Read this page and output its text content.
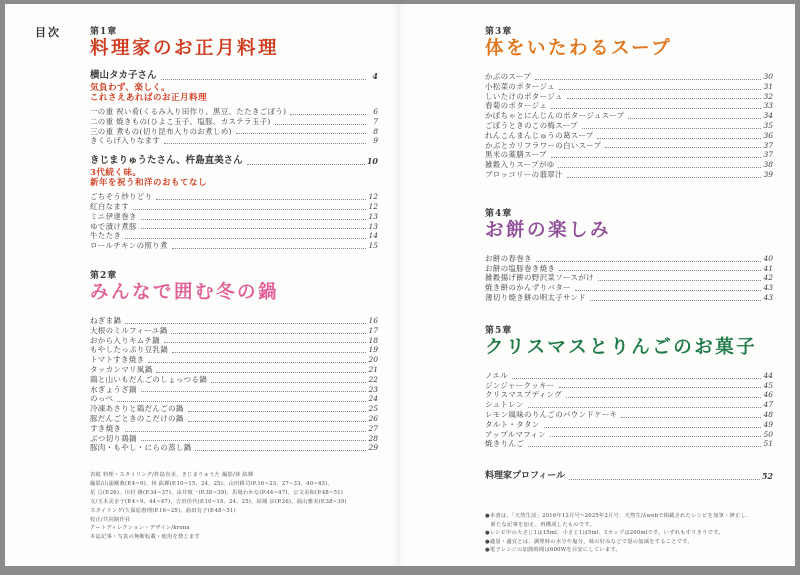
目次	第1章
料理家のお正月料理
横山タカ子さん	4
気負わず、楽しく。
これさえあればのお正月料理
一の重 祝い肴(くるみ入り田作り、黒豆、たたきごぼう)	6
二の重 焼きもの(ひよこ玉子、塩豚、カステラ玉子)	7
三の重 煮もの(切り昆布入りのお煮しめ)	8
きくらげ入りなます	9
きじまりゅうたさん、杵島直美さん	10
3代続く味。
新年を祝う和洋のおもてなし
ごちそう炒りどり	12
紅白なます	12
ミニ伊達巻き	13
ゆで漬け煮豚	13
牛たたき	14
ロールチキンの照り煮	15
第2章
みんなで囲む冬の鍋
ねぎま鍋	16
大根のミルフィーユ鍋	17
おから入りキムチ鍋	18
もやしたっぷり豆乳鍋	19
トマトすき焼き	20
タッカンマリ風鍋	21
鶏と山いもだんごのしょっつる鍋	22
水ぎょうざ鍋	23
のっぺ	24
冷凍あさりと鶏だんごの鍋	25
豚だんごときのこだけの鍋	26
すき焼き	27
ぶつ切り鶏鍋	28
豚肉・もやし・にらの蒸し鍋	29
第3章
体をいたわるスープ
かぶのスープ	30
小松菜のポタージュ	31
しいたけのポタージュ	32
春菊のポタージュ	33
かぼちゃとにんじんのポタージュスープ	34
ごぼうときのこの梅スープ	35
れんこんまんじゅうの葛スープ	36
かぶとカリフラワーの白いスープ	37
黒米の薬膳スープ	37
雑穀入りスープがゆ	38
ブロッコリーの翡翠汁	39
第4章
お餅の楽しみ
お餅の春巻き	40
お餅の塩豚巻き焼き	41
雑穀揚げ餅の野沢菜ソースがけ	42
焼き餅のかんずりバター	43
薄切り焼き餅の明太子サンド	43
第5章
クリスマスとりんごのお菓子
ノエル	44
ジンジャークッキー	45
クリスマスプディング	46
シュトレン	47
レモン風味のりんごのパウンドケーキ	48
タルト・タタン	49
アップルマフィン	50
焼きりんご	51
料理家プロフィール	52
表紙 料理・スタイリング/杵島直美、きじまりゅうた 撮影/林 紘輝
撮影/山浦剛典(P.4~9)、林 紘輝(P.10~15、24、25)、山田耕司(P.16~23、27~33、40~43)、
星 亘(P.26)、川村 隆(P.34~37)、由井慎一(P.38~39)、馬場わかな(P.44~47)、公文美和(P.48~51)
文/玉木美企子(P.4~9、44~47)、吉田佳代(P.10~15、24、25)、結城 歩(P.26)、福山雅美(P.38~39)
スタイリング/久保原惠理(P.16~25)、曲田有子(P.48~51)
校正/共同制作社
アートディレクション・デザイン/krona
本誌記事・写真の無断転載・使用を禁じます
●本書は、「天然生活」2016年12月号~2025年2月号、天然生活webで掲載されたレシピを加筆・修正し、
　新たな記事を加え、再構成したものです。
●レシピ中の大さじ1は15ml、小さじ1は5ml、1カップは200mlです。いずれもすりきりです。
●適量・適宜とは、調理時の水分や塩分、味の好みなどで量の加減をすることです。
●電子レンジの加熱時間は600Wを目安にしています。
